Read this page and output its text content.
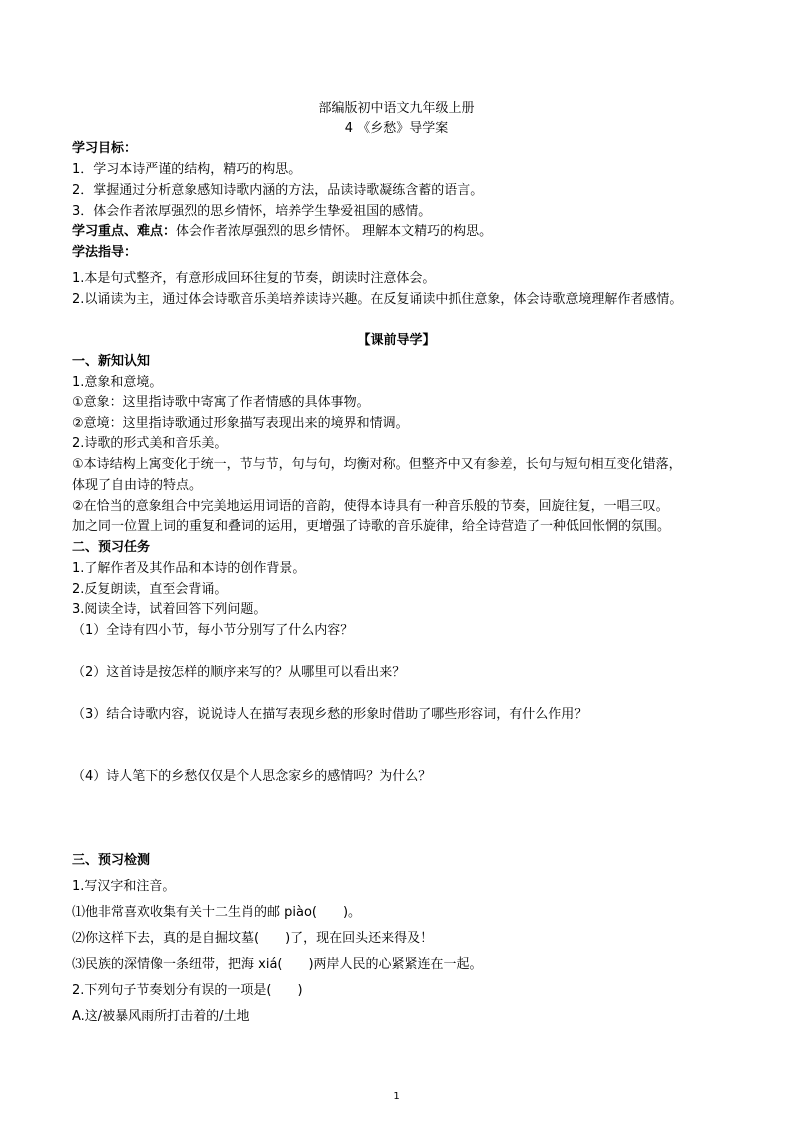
部编版初中语文九年级上册
4 《乡愁》导学案
学习目标：
1．学习本诗严谨的结构，精巧的构思。
2．掌握通过分析意象感知诗歌内涵的方法，品读诗歌凝练含蓄的语言。
3．体会作者浓厚强烈的思乡情怀，培养学生挚爱祖国的感情。
学习重点、难点：体会作者浓厚强烈的思乡情怀。 理解本文精巧的构思。
学法指导：
1.本是句式整齐，有意形成回环往复的节奏，朗读时注意体会。
2.以诵读为主，通过体会诗歌音乐美培养读诗兴趣。在反复诵读中抓住意象，体会诗歌意境理解作者感情。
【课前导学】
一、新知认知
1.意象和意境。
①意象：这里指诗歌中寄寓了作者情感的具体事物。
②意境：这里指诗歌通过形象描写表现出来的境界和情调。
2.诗歌的形式美和音乐美。
①本诗结构上寓变化于统一，节与节，句与句，均衡对称。但整齐中又有参差，长句与短句相互变化错落，
体现了自由诗的特点。
②在恰当的意象组合中完美地运用词语的音韵，使得本诗具有一种音乐般的节奏，回旋往复，一唱三叹。
加之同一位置上词的重复和叠词的运用，更增强了诗歌的音乐旋律，给全诗营造了一种低回怅惘的氛围。
二、预习任务
1.了解作者及其作品和本诗的创作背景。
2.反复朗读，直至会背诵。
3.阅读全诗，试着回答下列问题。
（1）全诗有四小节，每小节分别写了什么内容？
（2）这首诗是按怎样的顺序来写的？从哪里可以看出来？
（3）结合诗歌内容，说说诗人在描写表现乡愁的形象时借助了哪些形容词，有什么作用？
（4）诗人笔下的乡愁仅仅是个人思念家乡的感情吗？为什么？
三、预习检测
1.写汉字和注音。
⑴他非常喜欢收集有关十二生肖的邮 piào(　　)。
⑵你这样下去，真的是自掘坟墓(　　)了，现在回头还来得及！
⑶民族的深情像一条纽带，把海 xiá(　　)两岸人民的心紧紧连在一起。
2.下列句子节奏划分有误的一项是(　　)
A.这/被暴风雨所打击着的/土地
1
